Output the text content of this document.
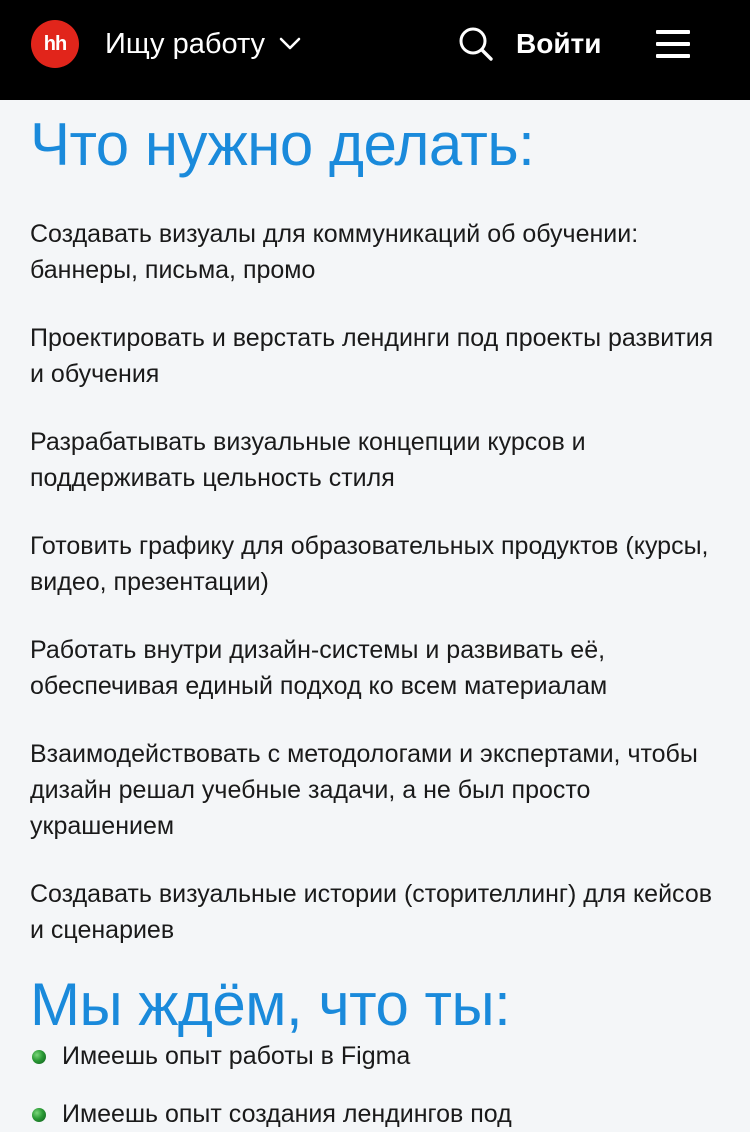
hh	Ищу работу	Войти
Что нужно делать:

Создавать визуалы для коммуникаций об обучении: баннеры, письма, промо

Проектировать и верстать лендинги под проекты развития и обучения

Разрабатывать визуальные концепции курсов и поддерживать цельность стиля

Готовить графику для образовательных продуктов (курсы, видео, презентации)

Работать внутри дизайн-системы и развивать её, обеспечивая единый подход ко всем материалам

Взаимодействовать с методологами и экспертами, чтобы дизайн решал учебные задачи, а не был просто украшением

Создавать визуальные истории (сторителлинг) для кейсов и сценариев

Мы ждём, что ты:
Имеешь опыт работы в Figma
Имеешь опыт создания лендингов под
